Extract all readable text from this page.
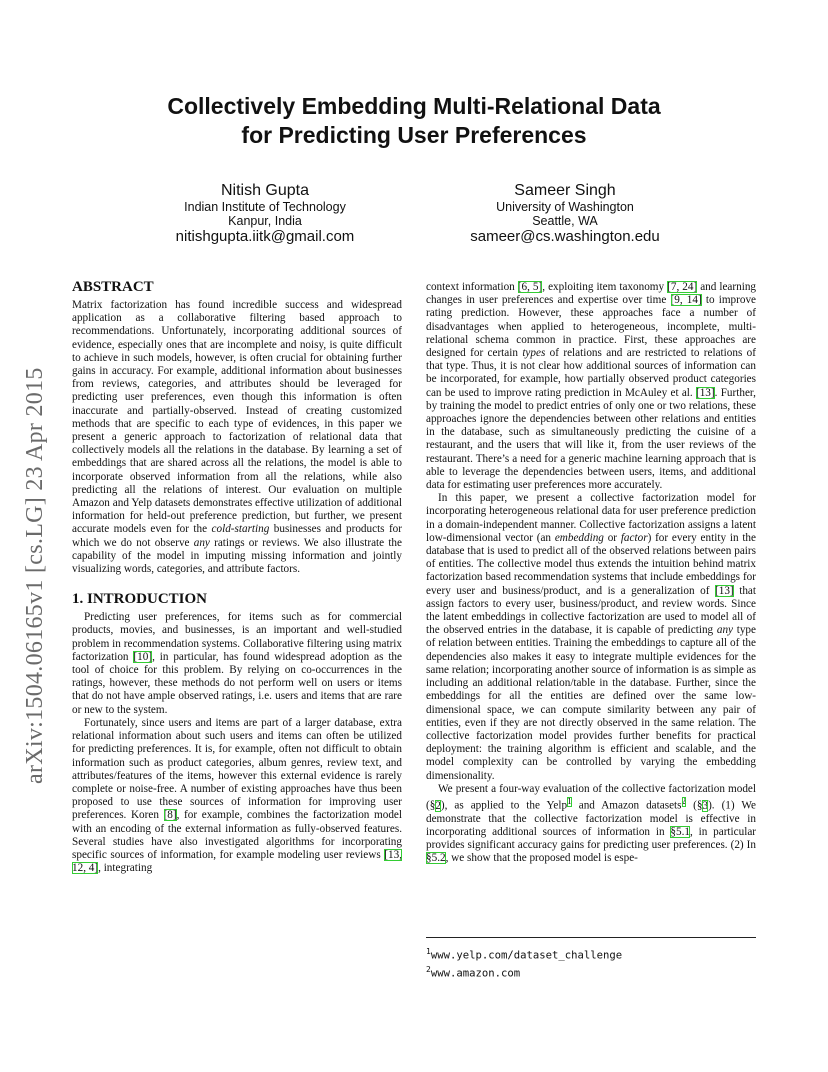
Collectively Embedding Multi-Relational Data
for Predicting User Preferences
Nitish Gupta
Indian Institute of Technology
Kanpur, India
nitishgupta.iitk@gmail.com
Sameer Singh
University of Washington
Seattle, WA
sameer@cs.washington.edu
arXiv:1504.06165v1 [cs.LG] 23 Apr 2015
ABSTRACT

Matrix factorization has found incredible success and widespread application as a collaborative filtering based approach to recommendations. Unfortunately, incorporating additional sources of evidence, especially ones that are incomplete and noisy, is quite difficult to achieve in such models, however, is often crucial for obtaining further gains in accuracy. For example, additional information about businesses from reviews, categories, and attributes should be leveraged for predicting user preferences, even though this information is often inaccurate and partially-observed. Instead of creating customized methods that are specific to each type of evidences, in this paper we present a generic approach to factorization of relational data that collectively models all the relations in the database. By learning a set of embeddings that are shared across all the relations, the model is able to incorporate observed information from all the relations, while also predicting all the relations of interest. Our evaluation on multiple Amazon and Yelp datasets demonstrates effective utilization of additional information for held-out preference prediction, but further, we present accurate models even for the cold-starting businesses and products for which we do not observe any ratings or reviews. We also illustrate the capability of the model in imputing missing information and jointly visualizing words, categories, and attribute factors.

1. INTRODUCTION

Predicting user preferences, for items such as for commercial products, movies, and businesses, is an important and well-studied problem in recommendation systems. Collaborative filtering using matrix factorization [10], in particular, has found widespread adoption as the tool of choice for this problem. By relying on co-occurrences in the ratings, however, these methods do not perform well on users or items that do not have ample observed ratings, i.e. users and items that are rare or new to the system.

Fortunately, since users and items are part of a larger database, extra relational information about such users and items can often be utilized for predicting preferences. It is, for example, often not difficult to obtain information such as product categories, album genres, review text, and attributes/features of the items, however this external evidence is rarely complete or noise-free. A number of existing approaches have thus been proposed to use these sources of information for improving user preferences. Koren [8], for example, combines the factorization model with an encoding of the external information as fully-observed features. Several studies have also investigated algorithms for incorporating specific sources of information, for example modeling user reviews [13, 12, 4], integrating

context information [6, 5], exploiting item taxonomy [7, 24] and learning changes in user preferences and expertise over time [9, 14] to improve rating prediction. However, these approaches face a number of disadvantages when applied to heterogeneous, incomplete, multi-relational schema common in practice. First, these approaches are designed for certain types of relations and are restricted to relations of that type. Thus, it is not clear how additional sources of information can be incorporated, for example, how partially observed product categories can be used to improve rating prediction in McAuley et al. [13]. Further, by training the model to predict entries of only one or two relations, these approaches ignore the dependencies between other relations and entities in the database, such as simultaneously predicting the cuisine of a restaurant, and the users that will like it, from the user reviews of the restaurant. There’s a need for a generic machine learning approach that is able to leverage the dependencies between users, items, and additional data for estimating user preferences more accurately.

In this paper, we present a collective factorization model for incorporating heterogeneous relational data for user preference prediction in a domain-independent manner. Collective factorization assigns a latent low-dimensional vector (an embedding or factor) for every entity in the database that is used to predict all of the observed relations between pairs of entities. The collective model thus extends the intuition behind matrix factorization based recommendation systems that include embeddings for every user and business/product, and is a generalization of [13] that assign factors to every user, business/product, and review words. Since the latent embeddings in collective factorization are used to model all of the observed entries in the database, it is capable of predicting any type of relation between entities. Training the embeddings to capture all of the dependencies also makes it easy to integrate multiple evidences for the same relation; incorporating another source of information is as simple as including an additional relation/table in the database. Further, since the embeddings for all the entities are defined over the same low-dimensional space, we can compute similarity between any pair of entities, even if they are not directly observed in the same relation. The collective factorization model provides further benefits for practical deployment: the training algorithm is efficient and scalable, and the model complexity can be controlled by varying the embedding dimensionality.

We present a four-way evaluation of the collective factorization model (§2), as applied to the Yelp$^1$ and Amazon datasets$^2$ (§3). (1) We demonstrate that the collective factorization model is effective in incorporating additional sources of information in §5.1, in particular provides significant accuracy gains for predicting user preferences. (2) In §5.2, we show that the proposed model is espe-

$^1$www.yelp.com/dataset_challenge
$^2$www.amazon.com
